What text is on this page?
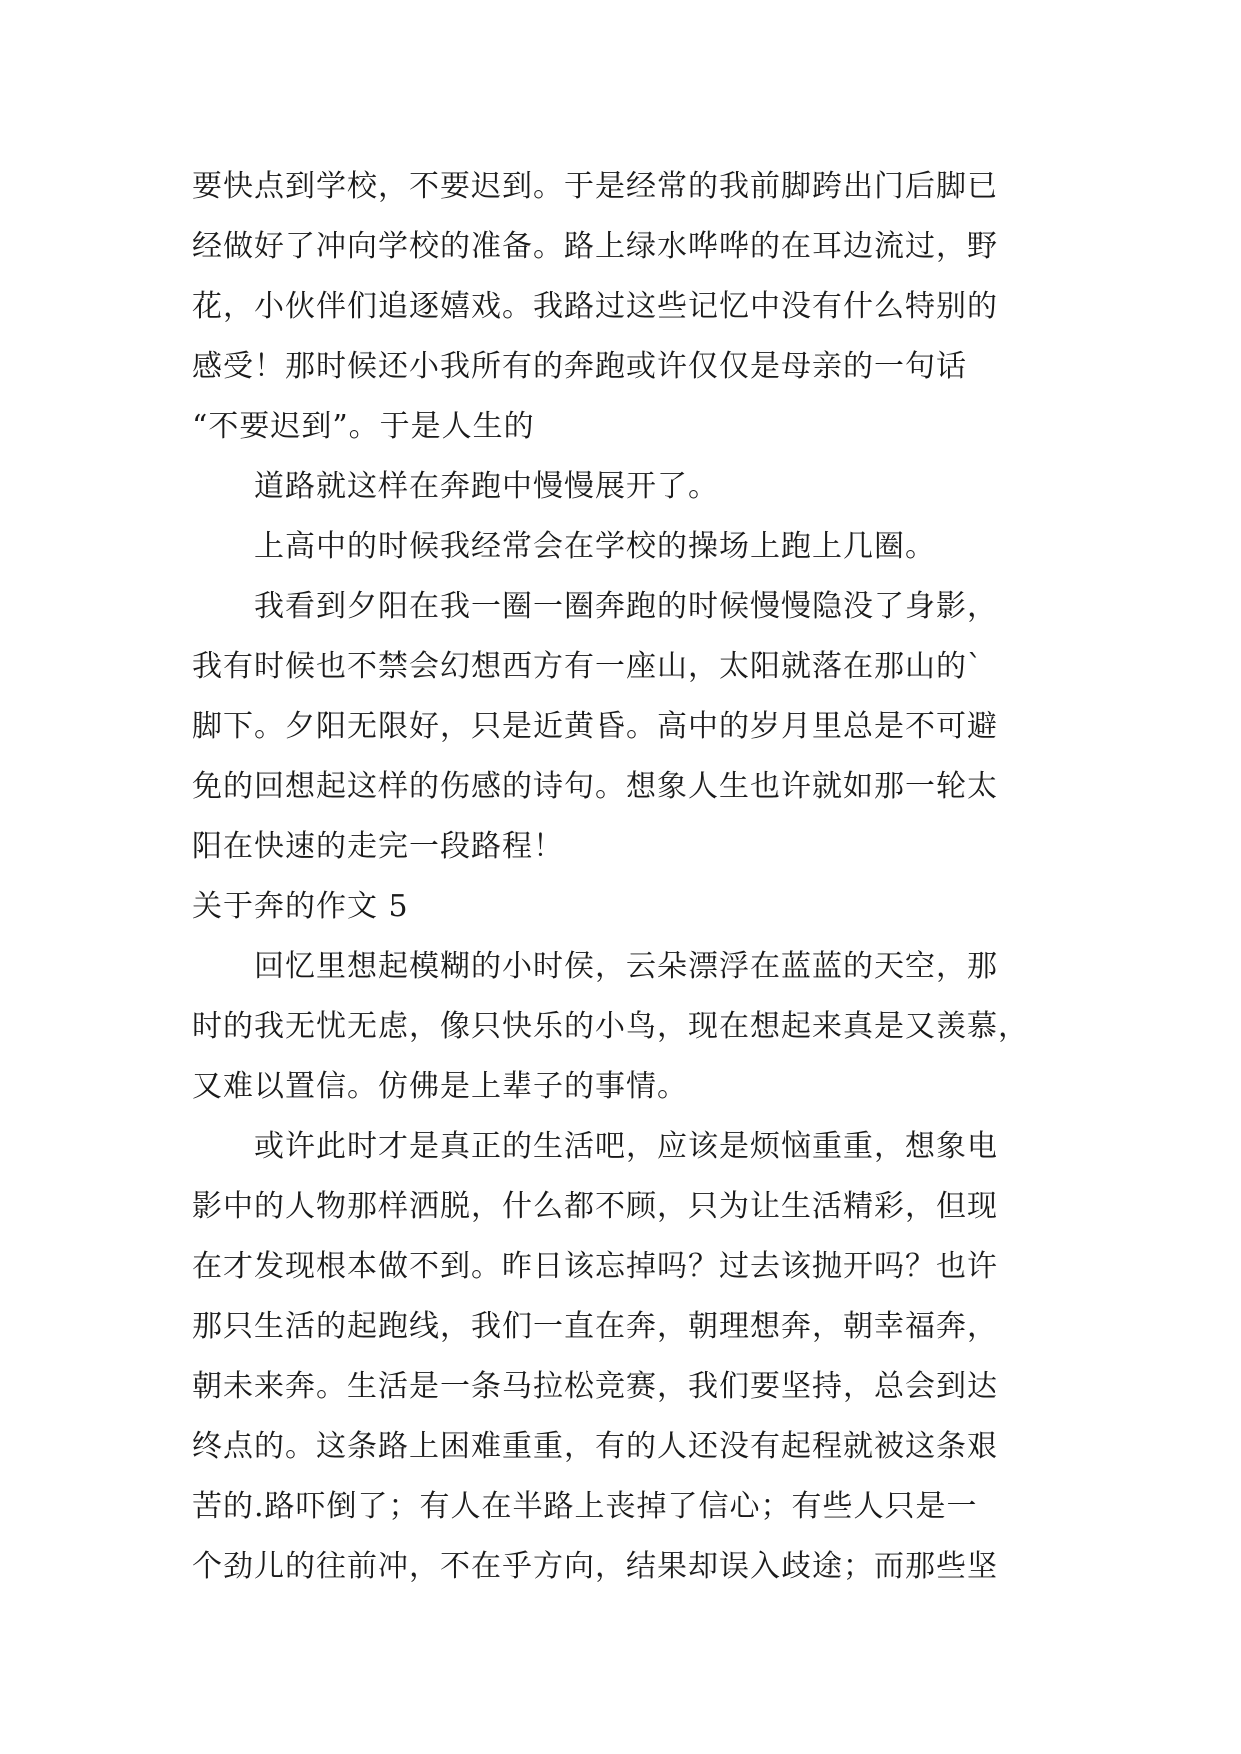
要快点到学校，不要迟到。于是经常的我前脚跨出门后脚已
经做好了冲向学校的准备。路上绿水哗哗的在耳边流过，野
花，小伙伴们追逐嬉戏。我路过这些记忆中没有什么特别的
感受！那时候还小我所有的奔跑或许仅仅是母亲的一句话
“不要迟到”。于是人生的
道路就这样在奔跑中慢慢展开了。
上高中的时候我经常会在学校的操场上跑上几圈。
我看到夕阳在我一圈一圈奔跑的时候慢慢隐没了身影，
我有时候也不禁会幻想西方有一座山，太阳就落在那山的`
脚下。夕阳无限好，只是近黄昏。高中的岁月里总是不可避
免的回想起这样的伤感的诗句。想象人生也许就如那一轮太
阳在快速的走完一段路程！
关于奔的作文 5
回忆里想起模糊的小时侯，云朵漂浮在蓝蓝的天空，那
时的我无忧无虑，像只快乐的小鸟，现在想起来真是又羡慕，
又难以置信。仿佛是上辈子的事情。
或许此时才是真正的生活吧，应该是烦恼重重，想象电
影中的人物那样洒脱，什么都不顾，只为让生活精彩，但现
在才发现根本做不到。昨日该忘掉吗？过去该抛开吗？也许
那只生活的起跑线，我们一直在奔，朝理想奔，朝幸福奔，
朝未来奔。生活是一条马拉松竞赛，我们要坚持，总会到达
终点的。这条路上困难重重，有的人还没有起程就被这条艰
苦的.路吓倒了；有人在半路上丧掉了信心；有些人只是一
个劲儿的往前冲，不在乎方向，结果却误入歧途；而那些坚
